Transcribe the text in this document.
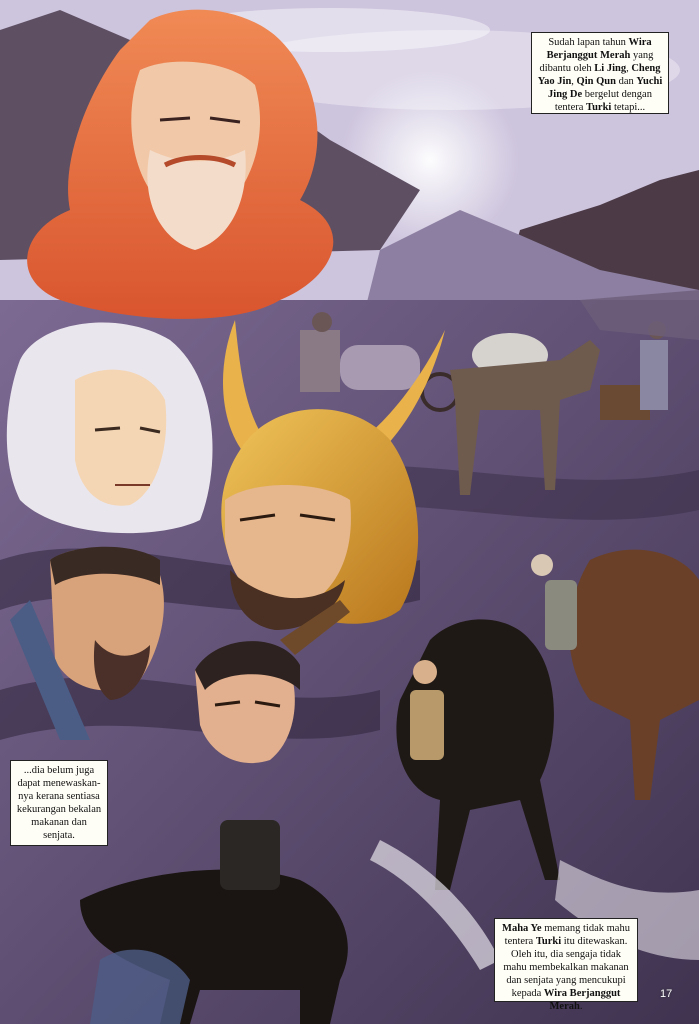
Sudah lapan tahun Wira Berjanggut Merah yang dibantu oleh Li Jing, Cheng Yao Jin, Qin Qun dan Yuchi Jing De bergelut dengan tentera Turki tetapi...
...dia belum juga dapat menewaskan-nya kerana sentiasa kekurangan bekalan makanan dan senjata.
Maha Ye memang tidak mahu tentera Turki itu ditewaskan. Oleh itu, dia sengaja tidak mahu membekalkan makanan dan senjata yang mencukupi kepada Wira Berjanggut Merah.
17
